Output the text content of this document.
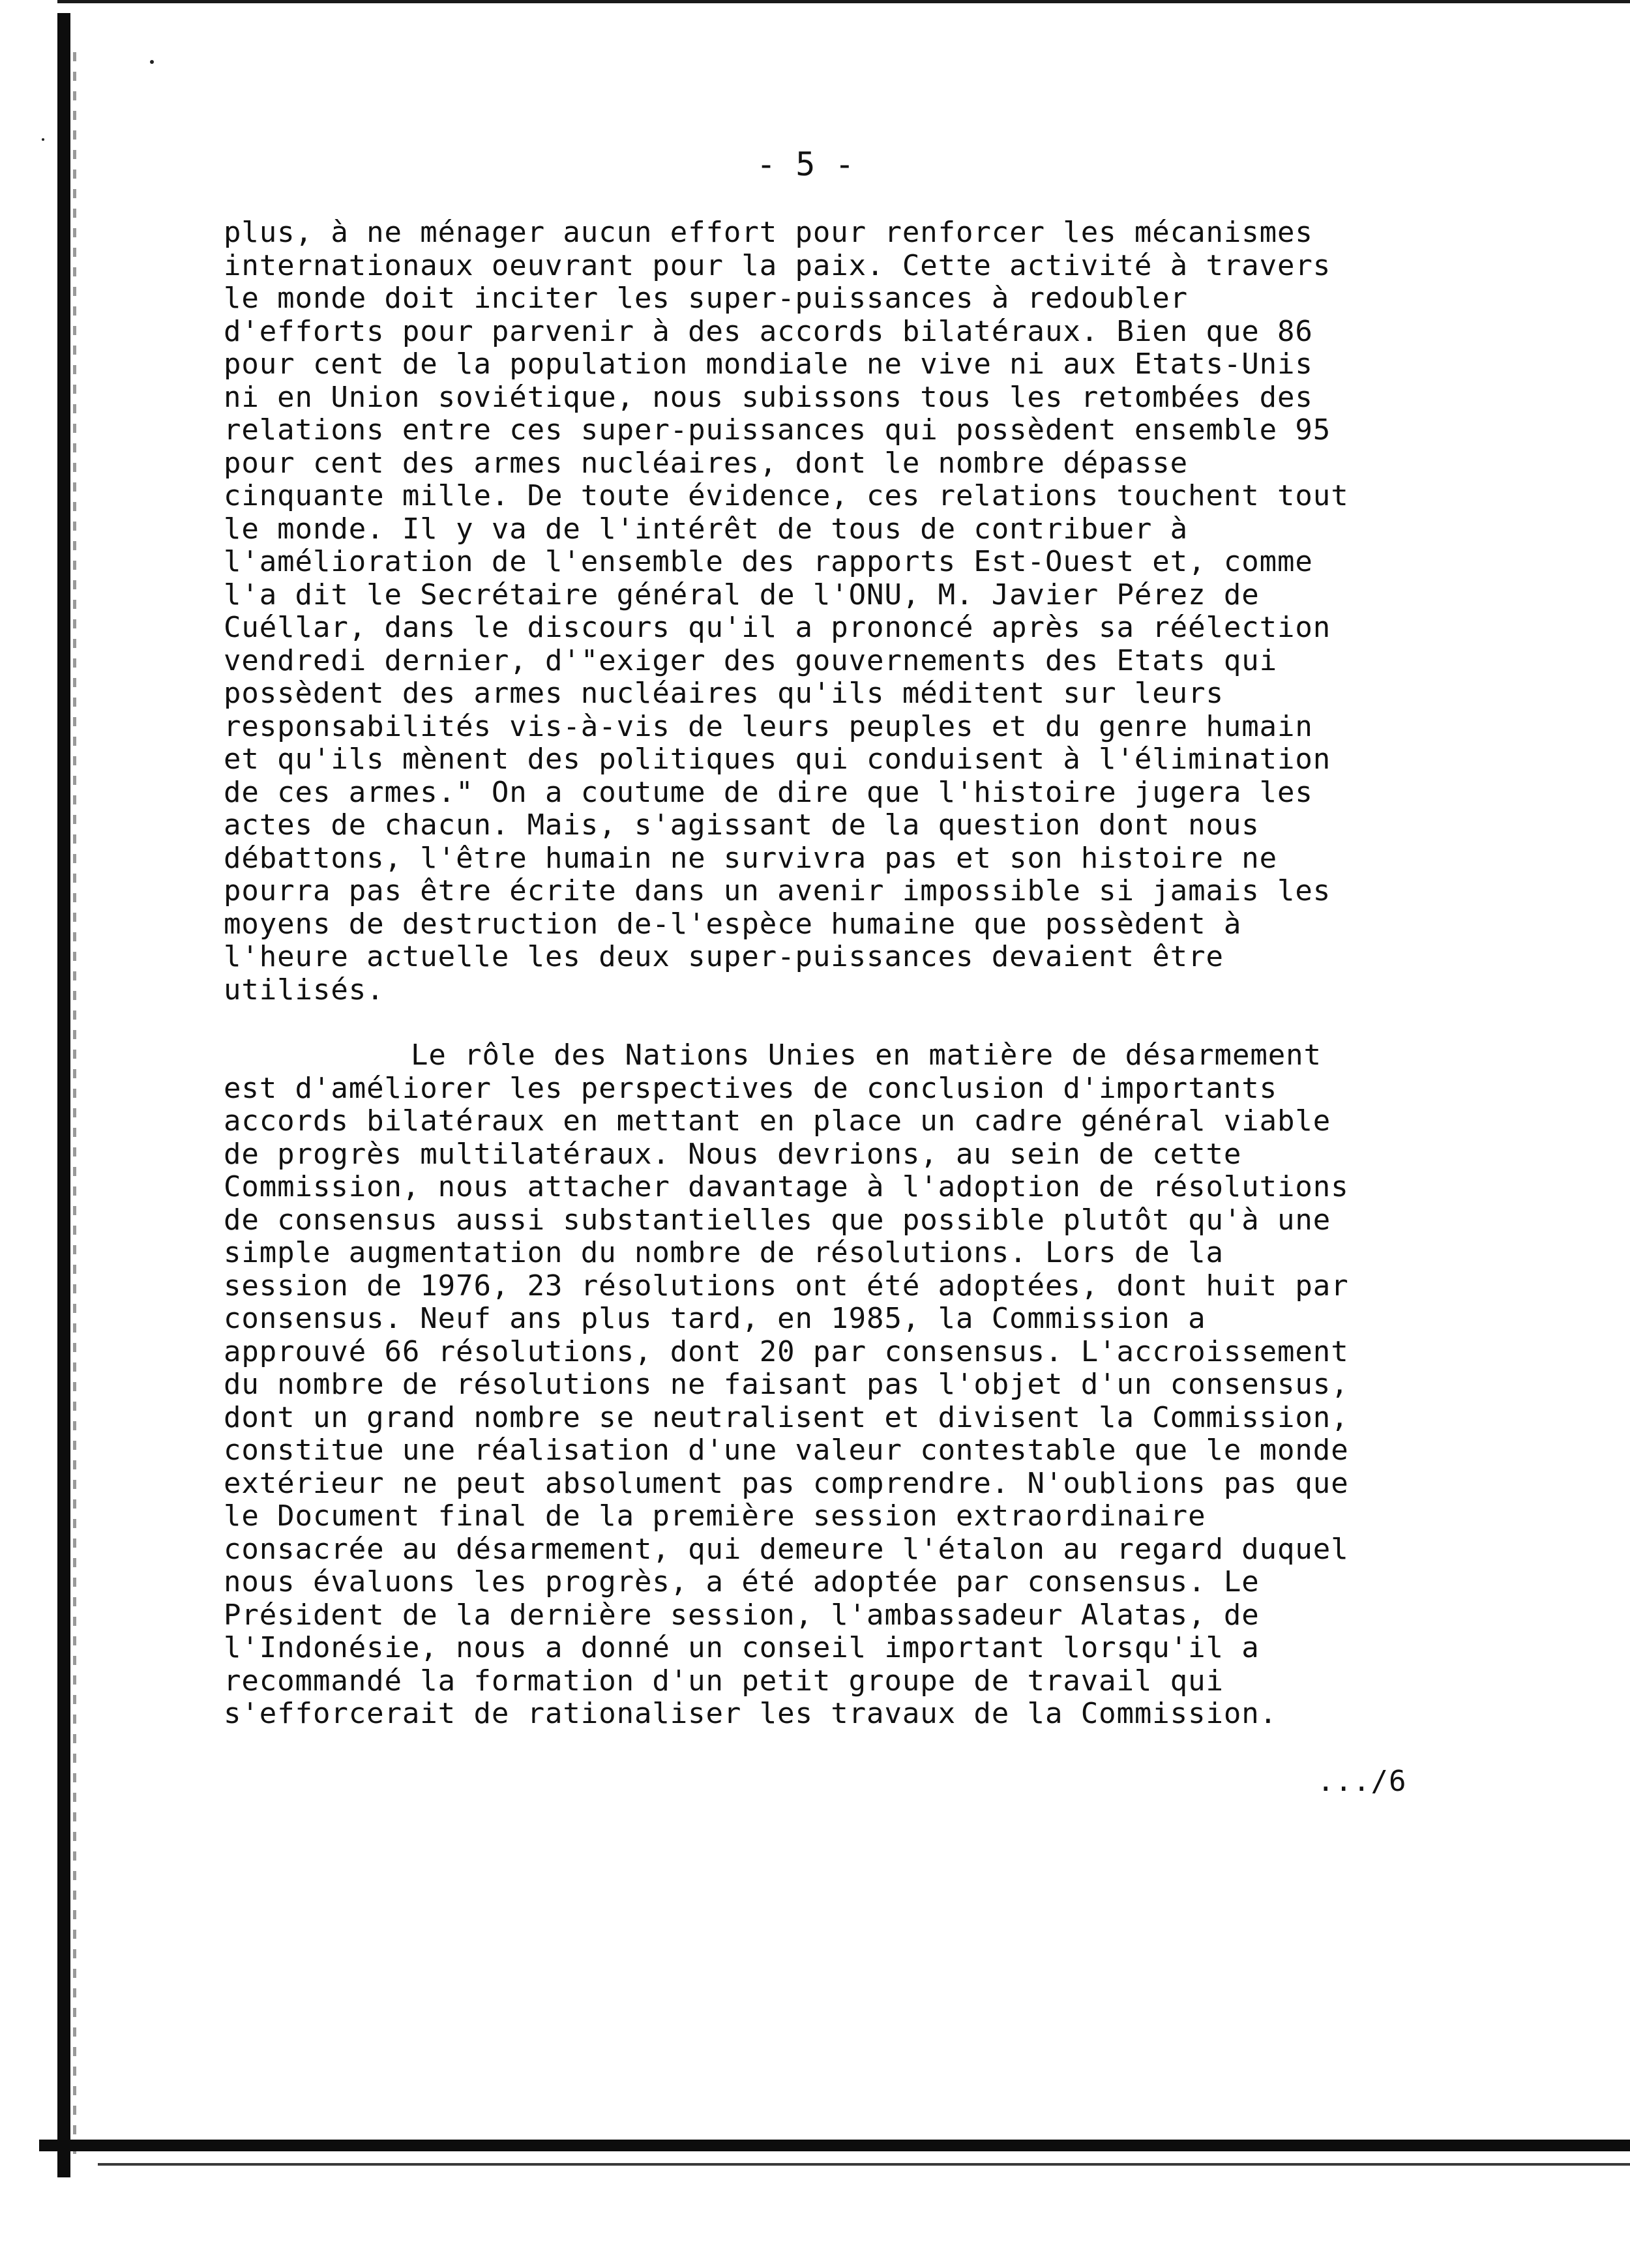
- 5 -
plus, à ne ménager aucun effort pour renforcer les mécanismes
internationaux oeuvrant pour la paix. Cette activité à travers
le monde doit inciter les super-puissances à redoubler
d'efforts pour parvenir à des accords bilatéraux. Bien que 86
pour cent de la population mondiale ne vive ni aux Etats-Unis
ni en Union soviétique, nous subissons tous les retombées des
relations entre ces super-puissances qui possèdent ensemble 95
pour cent des armes nucléaires, dont le nombre dépasse
cinquante mille. De toute évidence, ces relations touchent tout
le monde. Il y va de l'intérêt de tous de contribuer à
l'amélioration de l'ensemble des rapports Est-Ouest et, comme
l'a dit le Secrétaire général de l'ONU, M. Javier Pérez de
Cuéllar, dans le discours qu'il a prononcé après sa réélection
vendredi dernier, d'"exiger des gouvernements des Etats qui
possèdent des armes nucléaires qu'ils méditent sur leurs
responsabilités vis-à-vis de leurs peuples et du genre humain
et qu'ils mènent des politiques qui conduisent à l'élimination
de ces armes." On a coutume de dire que l'histoire jugera les
actes de chacun. Mais, s'agissant de la question dont nous
débattons, l'être humain ne survivra pas et son histoire ne
pourra pas être écrite dans un avenir impossible si jamais les
moyens de destruction de-l'espèce humaine que possèdent à
l'heure actuelle les deux super-puissances devaient être
utilisés.
Le rôle des Nations Unies en matière de désarmement
est d'améliorer les perspectives de conclusion d'importants
accords bilatéraux en mettant en place un cadre général viable
de progrès multilatéraux. Nous devrions, au sein de cette
Commission, nous attacher davantage à l'adoption de résolutions
de consensus aussi substantielles que possible plutôt qu'à une
simple augmentation du nombre de résolutions. Lors de la
session de 1976, 23 résolutions ont été adoptées, dont huit par
consensus. Neuf ans plus tard, en 1985, la Commission a
approuvé 66 résolutions, dont 20 par consensus. L'accroissement
du nombre de résolutions ne faisant pas l'objet d'un consensus,
dont un grand nombre se neutralisent et divisent la Commission,
constitue une réalisation d'une valeur contestable que le monde
extérieur ne peut absolument pas comprendre. N'oublions pas que
le Document final de la première session extraordinaire
consacrée au désarmement, qui demeure l'étalon au regard duquel
nous évaluons les progrès, a été adoptée par consensus. Le
Président de la dernière session, l'ambassadeur Alatas, de
l'Indonésie, nous a donné un conseil important lorsqu'il a
recommandé la formation d'un petit groupe de travail qui
s'efforcerait de rationaliser les travaux de la Commission.
.../6
